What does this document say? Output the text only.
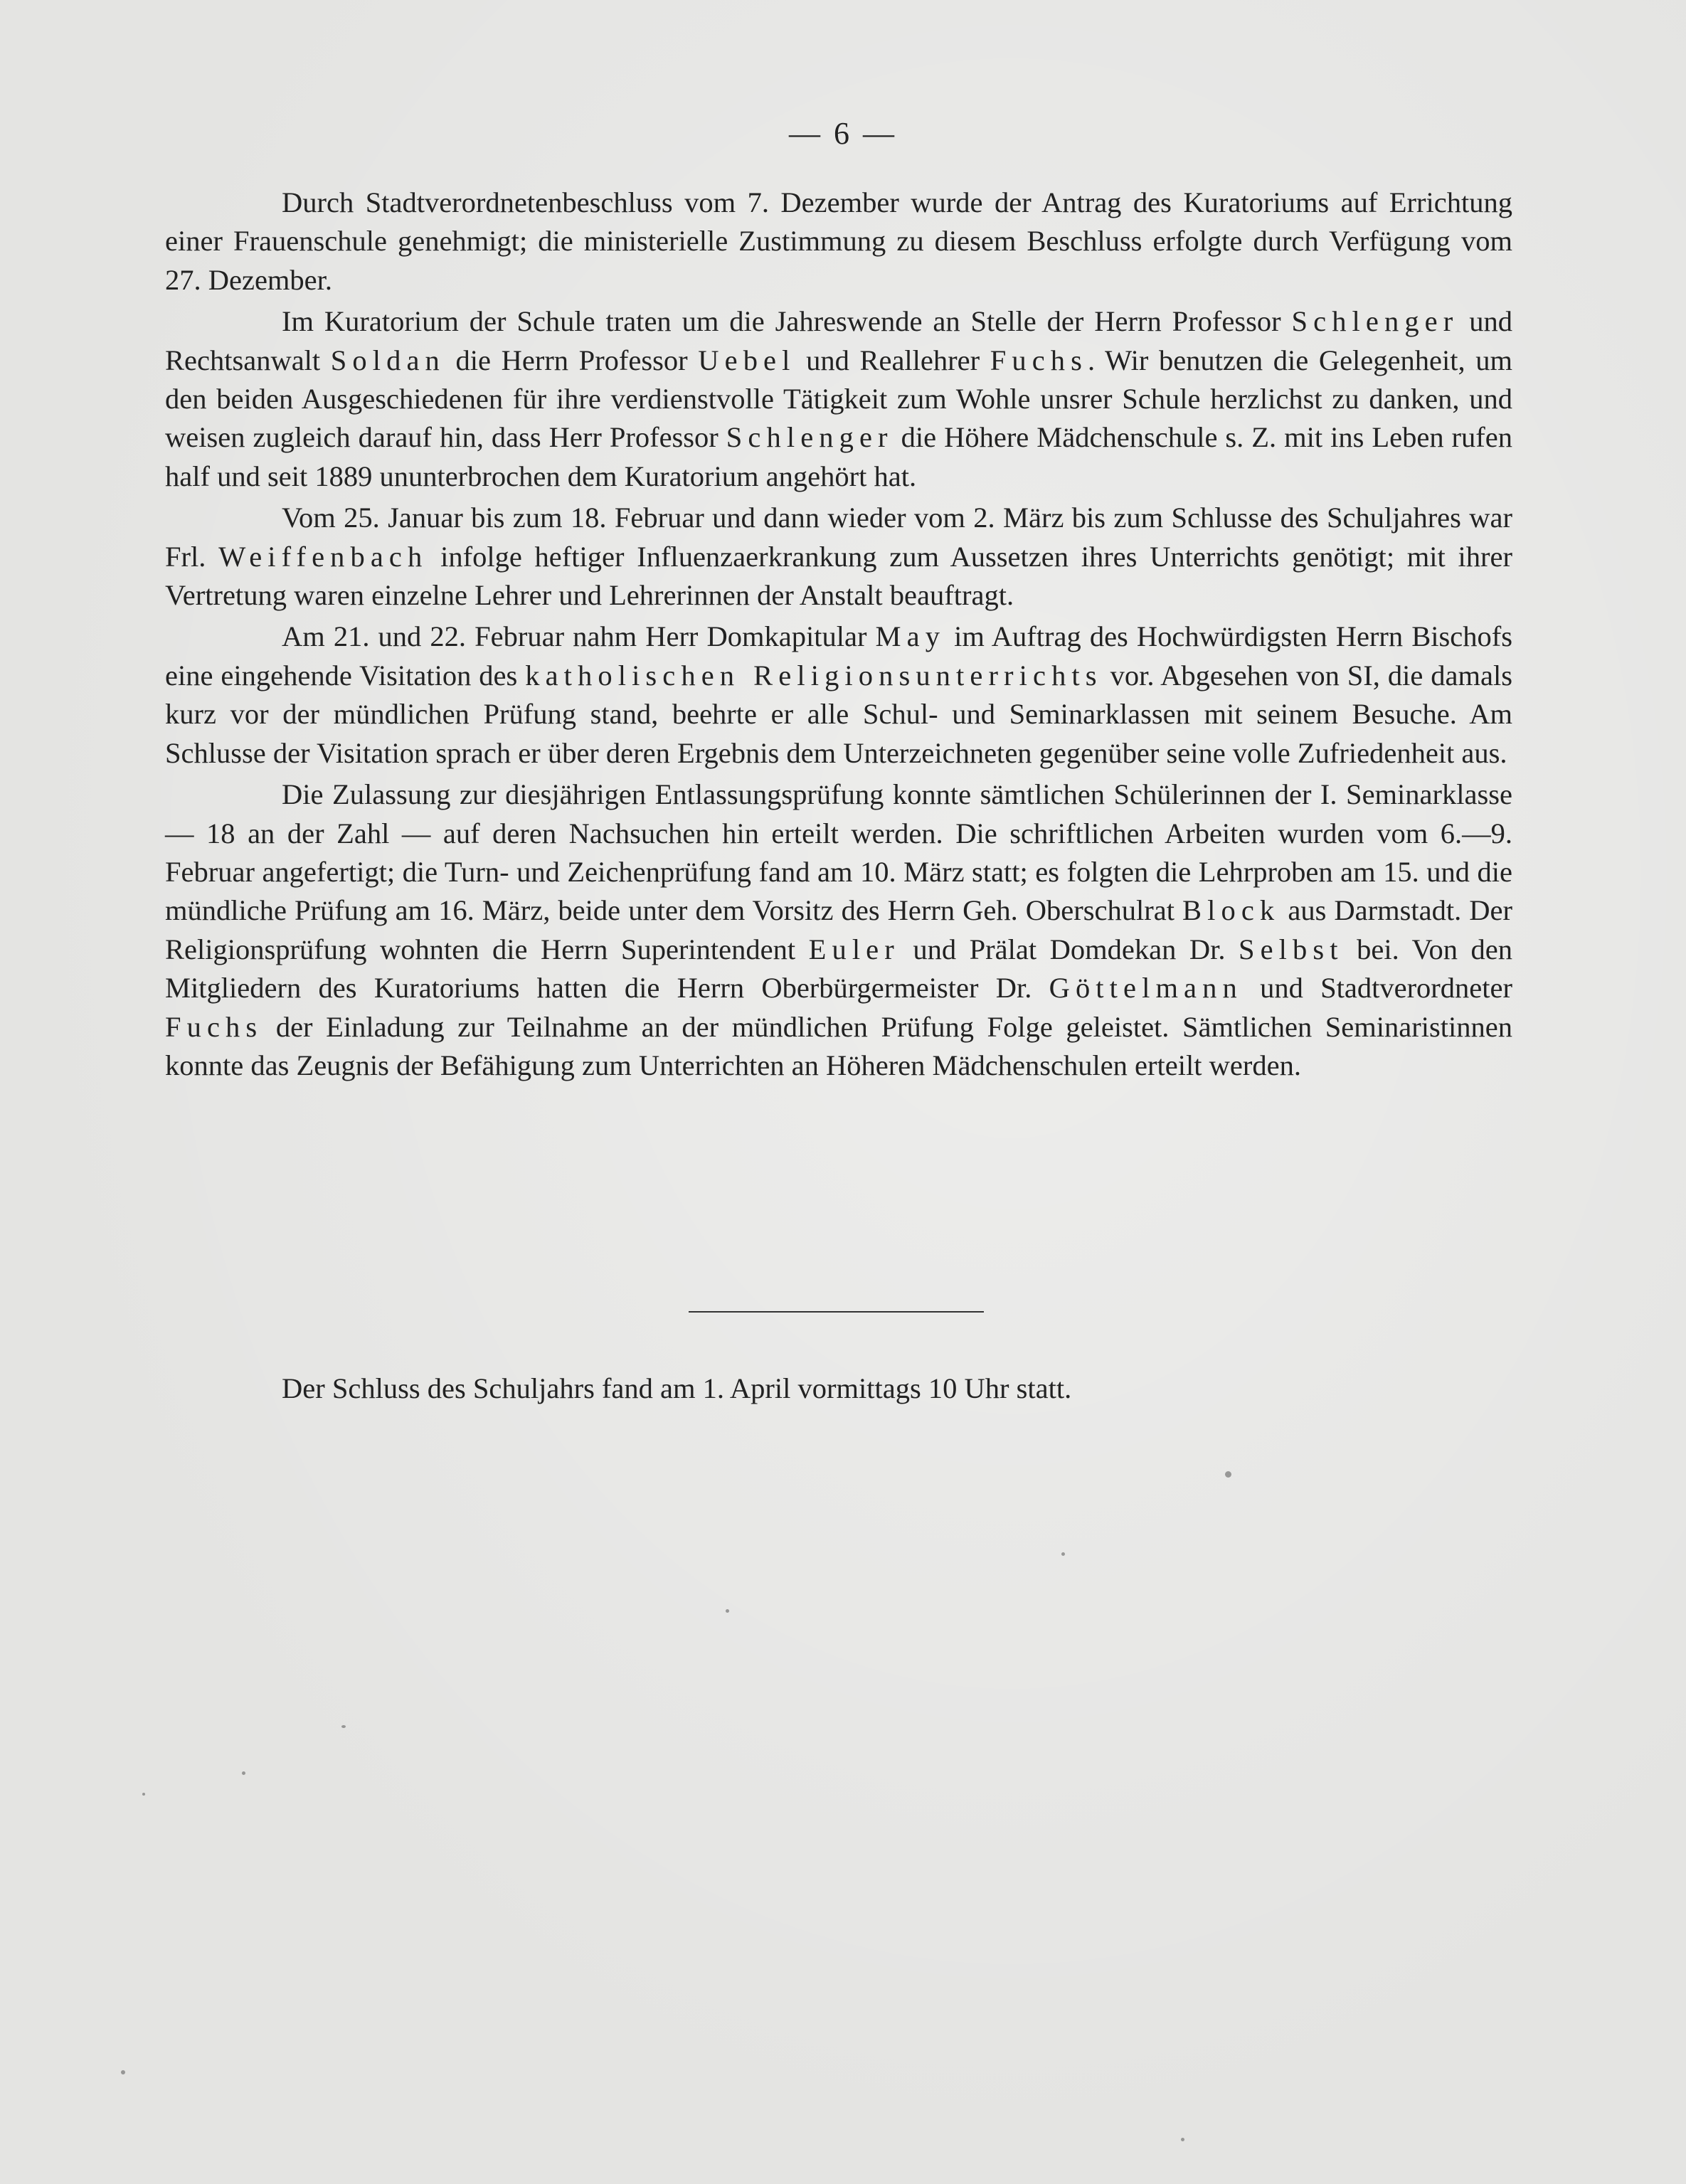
— 6 —

Durch Stadtverordnetenbeschluss vom 7. Dezember wurde der Antrag des Kuratoriums auf Errichtung einer Frauenschule genehmigt; die ministerielle Zustimmung zu diesem Beschluss erfolgte durch Verfügung vom 27. Dezember.

Im Kuratorium der Schule traten um die Jahreswende an Stelle der Herrn Professor Schlenger und Rechtsanwalt Soldan die Herrn Professor Uebel und Reallehrer Fuchs. Wir benutzen die Gelegenheit, um den beiden Ausgeschiedenen für ihre verdienstvolle Tätigkeit zum Wohle unsrer Schule herzlichst zu danken, und weisen zugleich darauf hin, dass Herr Professor Schlenger die Höhere Mädchenschule s. Z. mit ins Leben rufen half und seit 1889 ununterbrochen dem Kuratorium angehört hat.

Vom 25. Januar bis zum 18. Februar und dann wieder vom 2. März bis zum Schlusse des Schuljahres war Frl. Weiffenbach infolge heftiger Influenzaerkrankung zum Aussetzen ihres Unterrichts genötigt; mit ihrer Vertretung waren einzelne Lehrer und Lehrerinnen der Anstalt beauftragt.

Am 21. und 22. Februar nahm Herr Domkapitular May im Auftrag des Hochwürdigsten Herrn Bischofs eine eingehende Visitation des katholischen Religionsunterrichts vor. Abgesehen von SI, die damals kurz vor der mündlichen Prüfung stand, beehrte er alle Schul- und Seminarklassen mit seinem Besuche. Am Schlusse der Visitation sprach er über deren Ergebnis dem Unterzeichneten gegenüber seine volle Zufriedenheit aus.

Die Zulassung zur diesjährigen Entlassungsprüfung konnte sämtlichen Schülerinnen der I. Seminarklasse — 18 an der Zahl — auf deren Nachsuchen hin erteilt werden. Die schriftlichen Arbeiten wurden vom 6.—9. Februar angefertigt; die Turn- und Zeichenprüfung fand am 10. März statt; es folgten die Lehrproben am 15. und die mündliche Prüfung am 16. März, beide unter dem Vorsitz des Herrn Geh. Oberschulrat Block aus Darmstadt. Der Religionsprüfung wohnten die Herrn Superintendent Euler und Prälat Domdekan Dr. Selbst bei. Von den Mitgliedern des Kuratoriums hatten die Herrn Oberbürgermeister Dr. Göttelmann und Stadtverordneter Fuchs der Einladung zur Teilnahme an der mündlichen Prüfung Folge geleistet. Sämtlichen Seminaristinnen konnte das Zeugnis der Befähigung zum Unterrichten an Höheren Mädchenschulen erteilt werden.

Der Schluss des Schuljahrs fand am 1. April vormittags 10 Uhr statt.
